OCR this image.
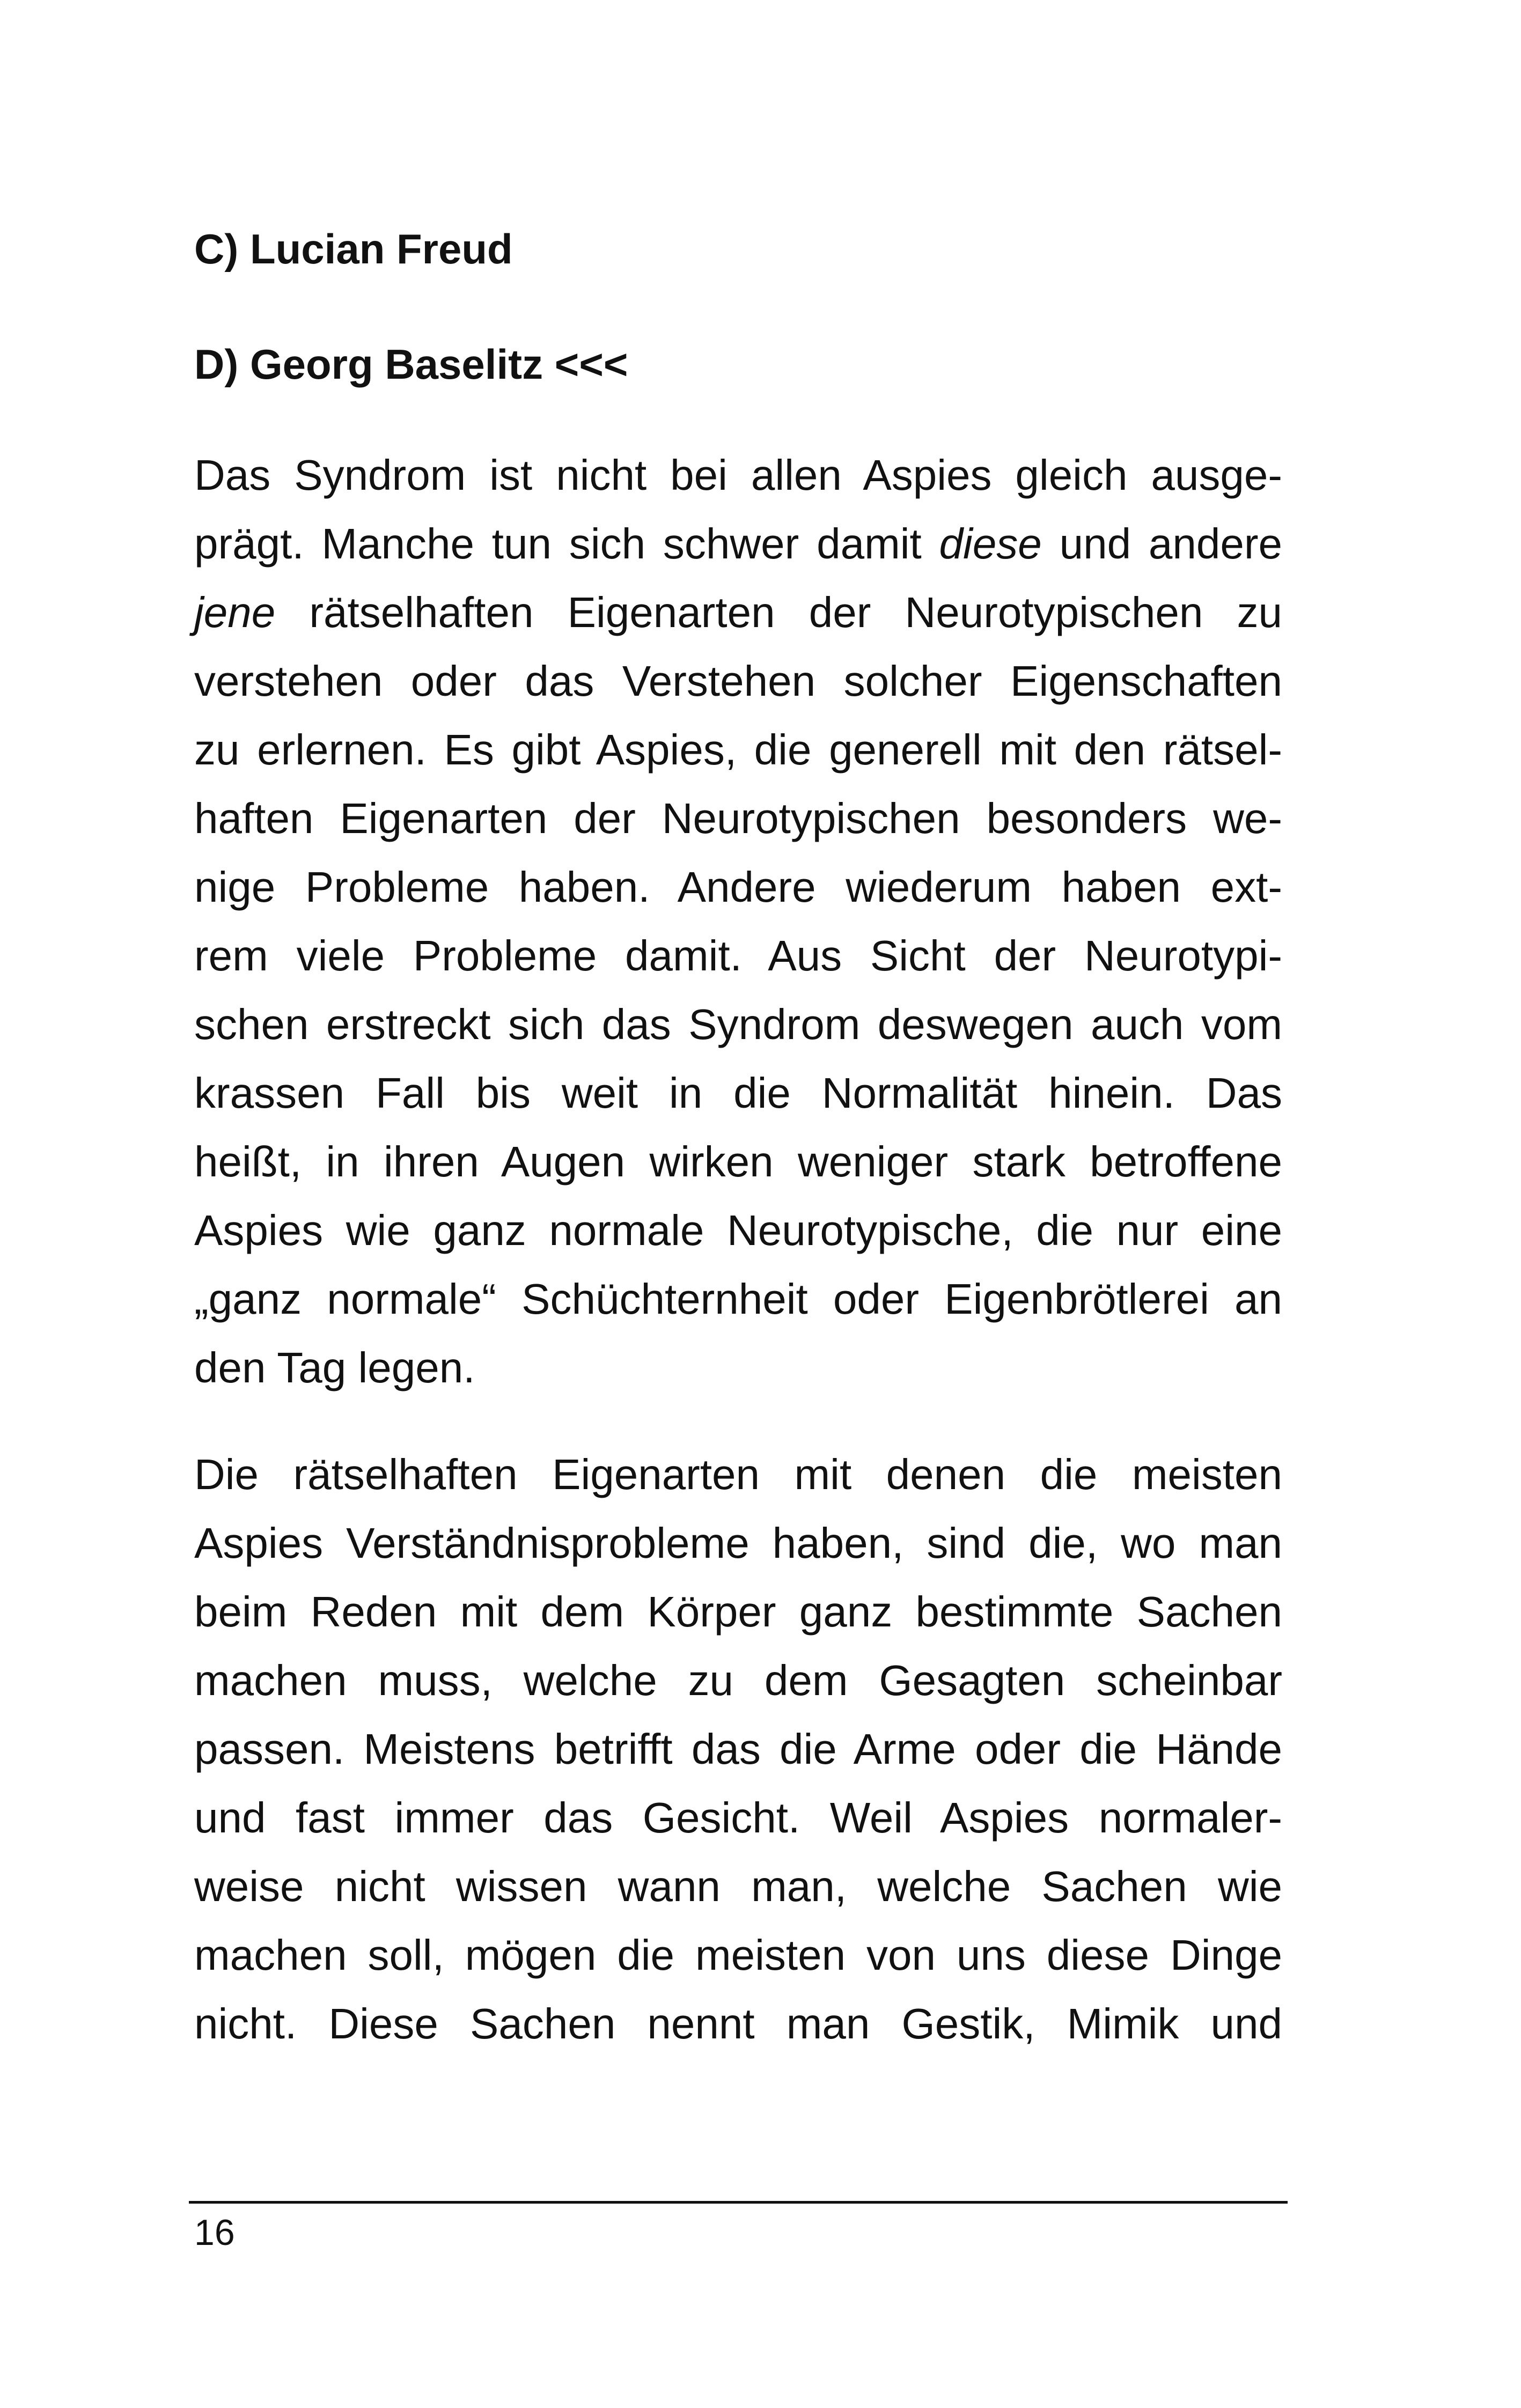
C) Lucian Freud

D) Georg Baselitz <<<

Das Syndrom ist nicht bei allen Aspies gleich ausge-
prägt. Manche tun sich schwer damit diese und andere
jene rätselhaften Eigenarten der Neurotypischen zu
verstehen oder das Verstehen solcher Eigenschaften
zu erlernen. Es gibt Aspies, die generell mit den rätsel-
haften Eigenarten der Neurotypischen besonders we-
nige Probleme haben. Andere wiederum haben ext-
rem viele Probleme damit. Aus Sicht der Neurotypi-
schen erstreckt sich das Syndrom deswegen auch vom
krassen Fall bis weit in die Normalität hinein. Das
heißt, in ihren Augen wirken weniger stark betroffene
Aspies wie ganz normale Neurotypische, die nur eine
„ganz normale“ Schüchternheit oder Eigenbrötlerei an
den Tag legen.
Die rätselhaften Eigenarten mit denen die meisten
Aspies Verständnisprobleme haben, sind die, wo man
beim Reden mit dem Körper ganz bestimmte Sachen
machen muss, welche zu dem Gesagten scheinbar
passen. Meistens betrifft das die Arme oder die Hände
und fast immer das Gesicht. Weil Aspies normaler-
weise nicht wissen wann man, welche Sachen wie
machen soll, mögen die meisten von uns diese Dinge
nicht. Diese Sachen nennt man Gestik, Mimik und
16
